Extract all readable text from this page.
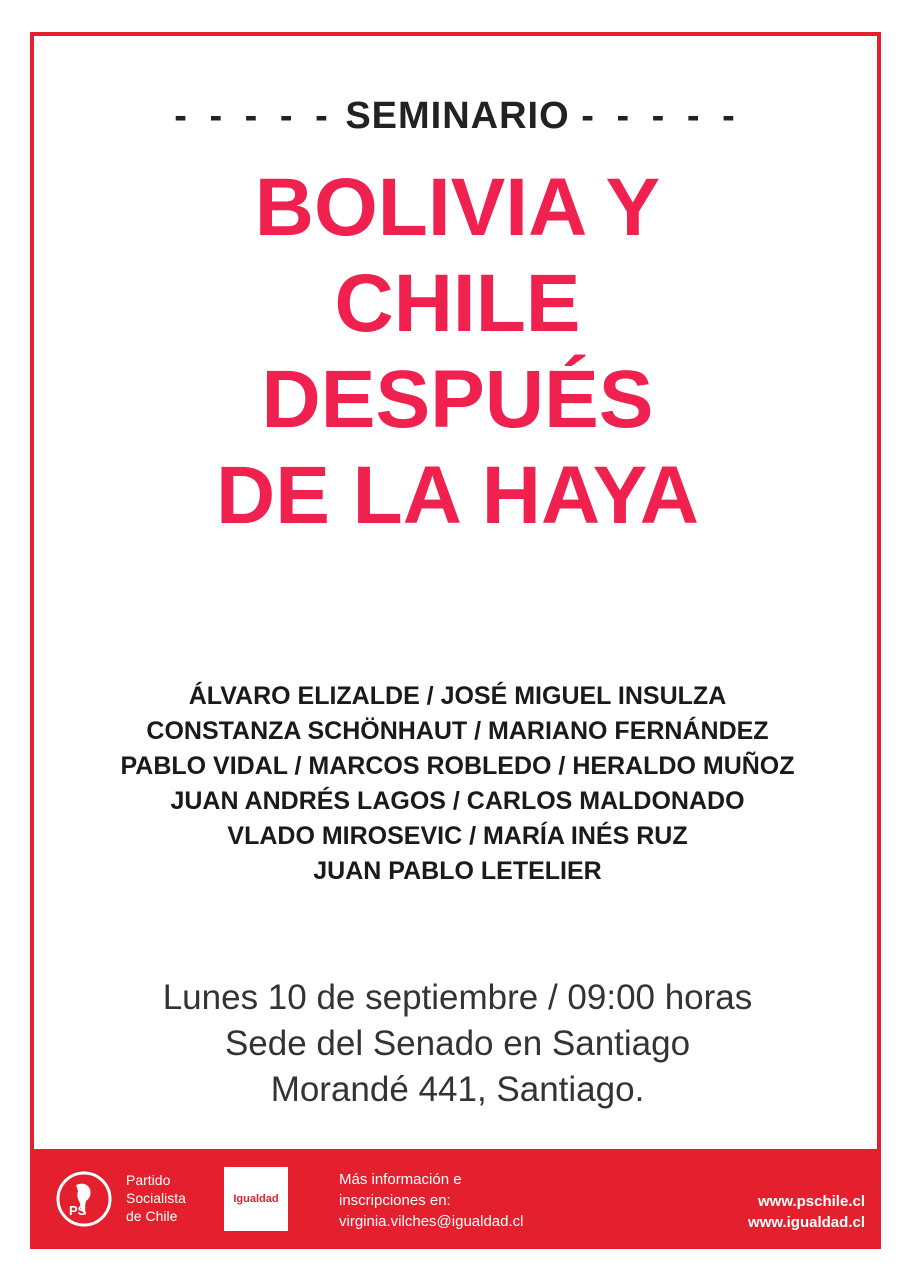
- - - - - SEMINARIO - - - - -
BOLIVIA Y
CHILE
DESPUÉS
DE LA HAYA
ÁLVARO ELIZALDE / JOSÉ MIGUEL INSULZA
CONSTANZA SCHÖNHAUT / MARIANO FERNÁNDEZ
PABLO VIDAL / MARCOS ROBLEDO / HERALDO MUÑOZ
JUAN ANDRÉS LAGOS / CARLOS MALDONADO
VLADO MIROSEVIC / MARÍA INÉS RUZ
JUAN PABLO LETELIER
Lunes 10 de septiembre / 09:00 horas
Sede del Senado en Santiago
Morandé 441, Santiago.
PS
Partido
Socialista
de Chile
Igualdad
Más información e
inscripciones en:
virginia.vilches@igualdad.cl
www.pschile.cl
www.igualdad.cl
